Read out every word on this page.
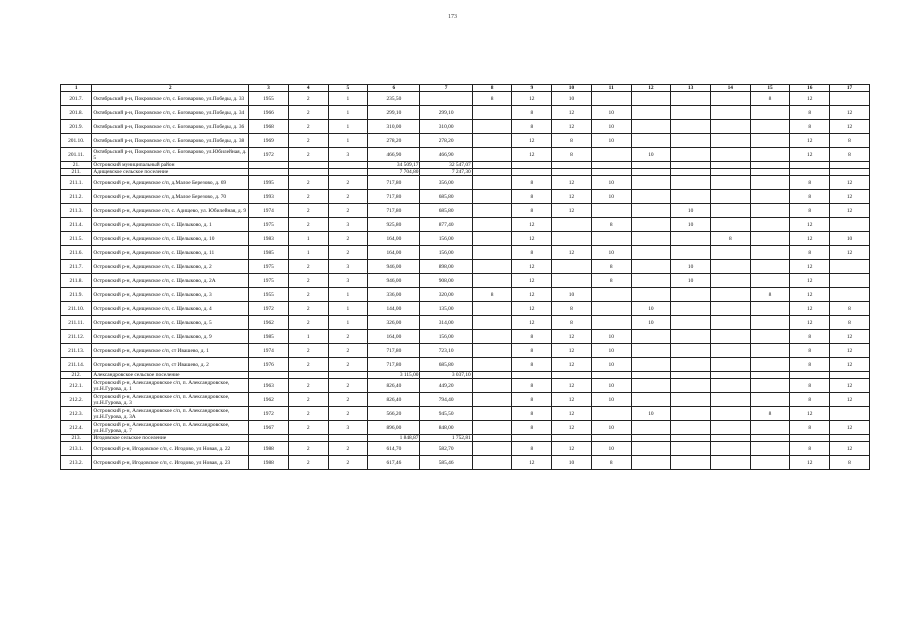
173
1	2	3	4	5	6	7	8	9	10	11	12	13	14	15	16	17
201.7.	Октябрьский р-н, Покровское с/п, с. Боговарово, ул.Победы, д. 33	1955	2	1	235,50		8	12	10					8	12	
201.8.	Октябрьский р-н, Покровское с/п, с. Боговарово, ул.Победы, д. 34	1966	2	1	299,10	299,10		8	12	10					8	12
201.9.	Октябрьский р-н, Покровское с/п, с. Боговарово, ул.Победы, д. 36	1968	2	1	310,00	310,00		8	12	10					8	12
201.10.	Октябрьский р-н, Покровское с/п, с. Боговарово, ул.Победы, д. 38	1969	2	1	278,20	278,20		12	8	10					12	8
201.11.	Октябрьский р-н, Покровское с/п, с. Боговарово, ул.Юбилейная, д. 5	1972	2	3	466,90	466,90		12	8		10				12	8
21.	Островский муниципальный район				34 509,17	32 547,07										
211.	Адищевское сельское поселение				7 704,80	7 247,30										
211.1.	Островский р-н, Адищевское с/п, д.Малое Березово, д. 69	1995	2	2	717,80	356,00		8	12	10					8	12
211.2.	Островский р-н, Адищевское с/п, д.Малое Березово, д. 70	1993	2	2	717,80	685,80		8	12	10					8	12
211.3.	Островский р-н, Адищевское с/п, с. Адищево, ул. Юбилейная, д. 9	1974	2	2	717,80	685,80		8	12			10			8	12
211.4.	Островский р-н, Адищевское с/п, с. Щелыково, д. 1	1975	2	3	925,80	877,40		12		8		10			12	
211.5.	Островский р-н, Адищевское с/п, с. Щелыково, д. 10	1983	1	2	164,00	156,00		12					8		12	10
211.6.	Островский р-н, Адищевское с/п, с. Щелыково, д. 11	1985	1	2	164,00	156,00		8	12	10					8	12
211.7.	Островский р-н, Адищевское с/п, с. Щелыково, д. 2	1975	2	3	946,00	898,00		12		8		10			12	
211.8.	Островский р-н, Адищевское с/п, с. Щелыково, д. 2А	1975	2	3	946,00	908,00		12		8		10			12	
211.9.	Островский р-н, Адищевское с/п, с. Щелыково, д. 3	1955	2	1	336,00	320,00	8	12	10					8	12	
211.10.	Островский р-н, Адищевское с/п, с. Щелыково, д. 4	1972	2	1	144,00	135,00		12	8		10				12	8
211.11.	Островский р-н, Адищевское с/п, с. Щелыково, д. 5	1962	2	1	326,00	314,00		12	8		10				12	8
211.12.	Островский р-н, Адищевское с/п, с. Щелыково, д. 9	1985	1	2	164,00	156,00		8	12	10					8	12
211.13.	Островский р-н, Адищевское с/п, ст Ивашево, д. 1	1974	2	2	717,80	723,10		8	12	10					8	12
211.14.	Островский р-н, Адищевское с/п, ст Ивашево, д. 2	1976	2	2	717,80	685,80		8	12	10					8	12
212.	Александровское сельское поселение				3 115,00	3 037,10										
212.1.	Островский р-н, Александровское с/п, п. Александровское, ул.Н.Гурова, д. 1	1963	2	2	826,40	449,20		8	12	10					8	12
212.2.	Островский р-н, Александровское с/п, п. Александровское, ул.Н.Гурова, д. 3	1962	2	2	826,40	794,40		8	12	10					8	12
212.3.	Островский р-н, Александровское с/п, п. Александровское, ул.Н.Гурова, д. 3А	1972	2	2	566,20	945,50		8	12		10			8	12	
212.4.	Островский р-н, Александровское с/п, п. Александровское, ул.Н.Гурова, д. 7	1967	2	3	896,00	848,00		8	12	10					8	12
213.	Игодовское сельское поселение				1 848,87	1 752,81										
213.1.	Островский р-н, Игодовское с/п, с. Игодово, ул Новая, д. 22	1988	2	2	614,70	582,70		8	12	10					8	12
213.2.	Островский р-н, Игодовское с/п, с. Игодово, ул Новая, д. 23	1988	2	2	617,46	585,46		12	10	8					12	8
